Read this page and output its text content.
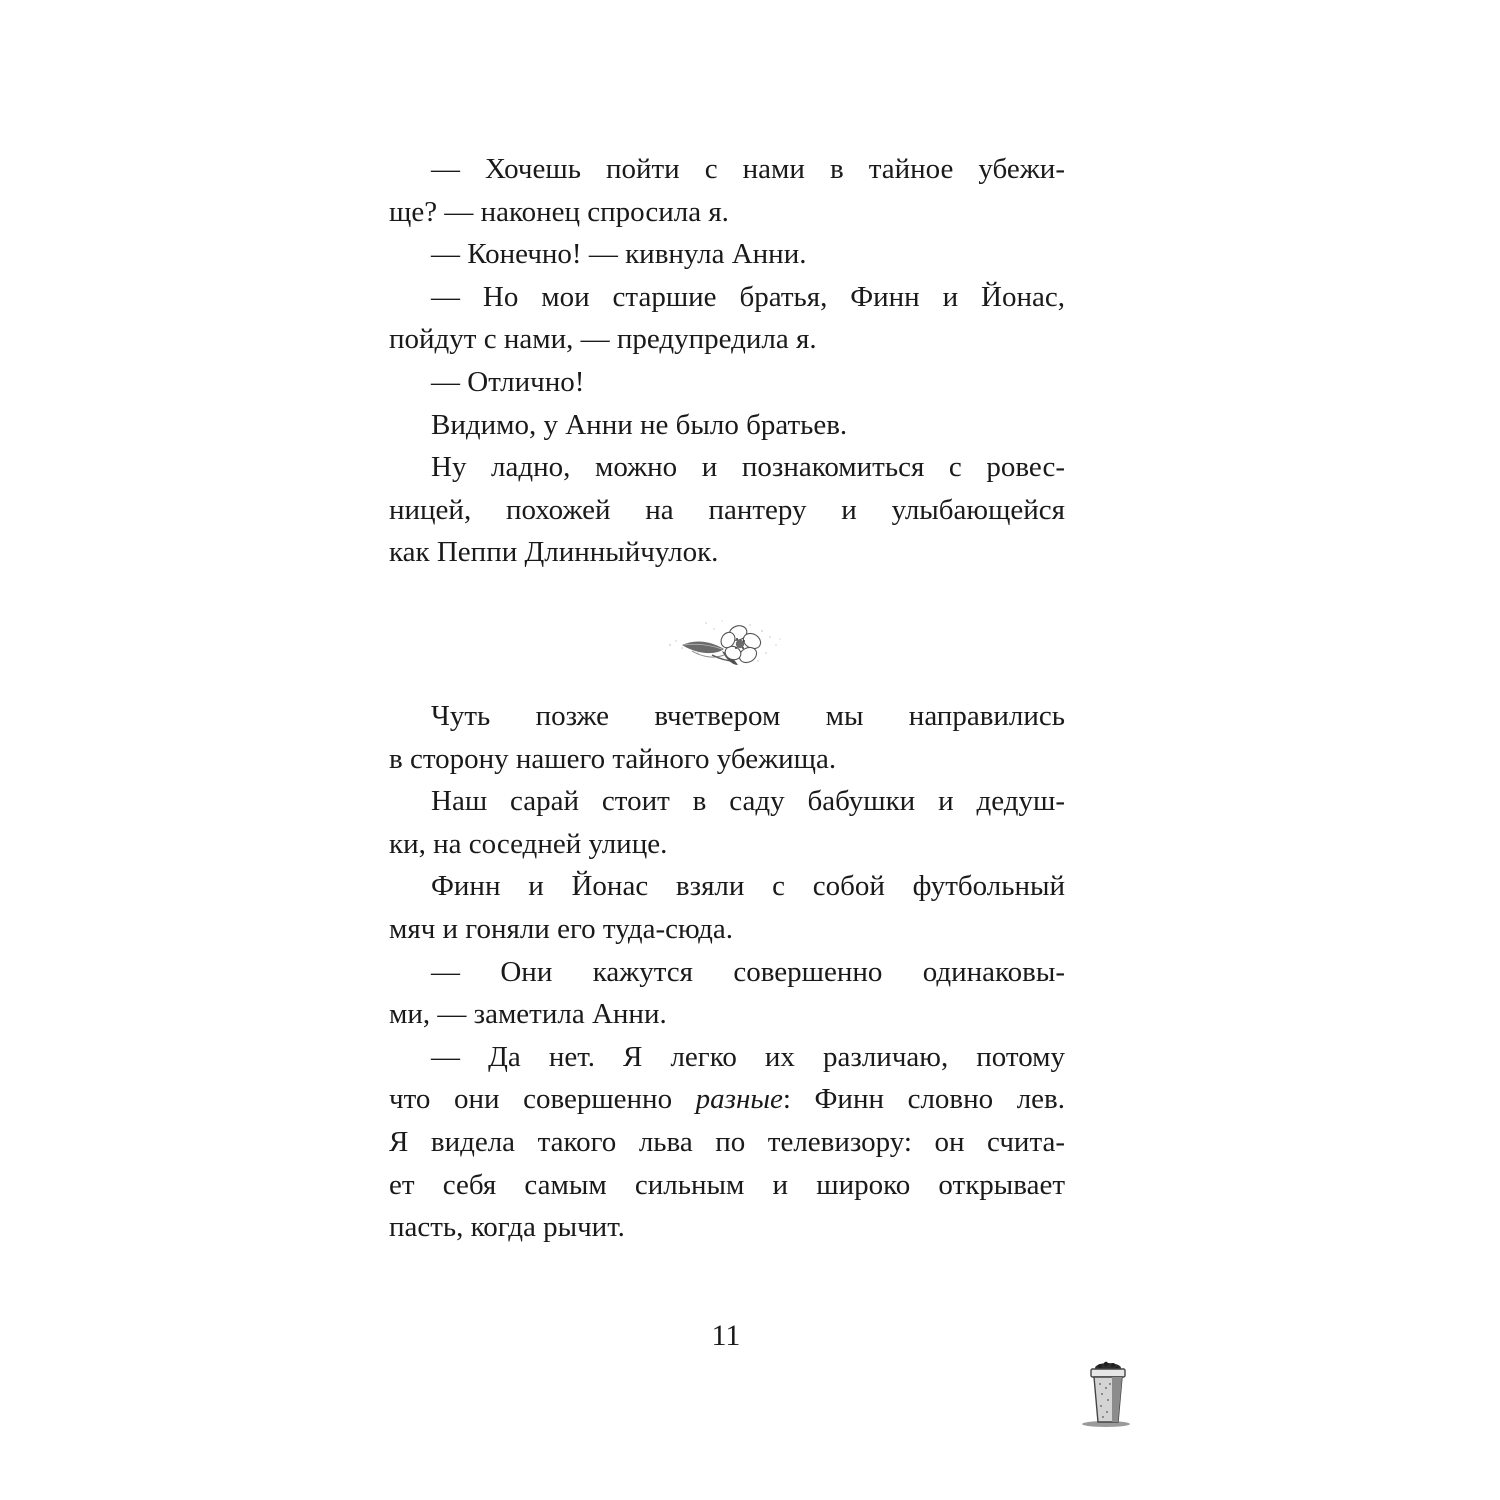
— Хочешь пойти с нами в тайное убежи-
ще? — наконец спросила я.
— Конечно! — кивнула Анни.
— Но мои старшие братья, Финн и Йонас,
пойдут с нами, — предупредила я.
— Отлично!
Видимо, у Анни не было братьев.
Ну ладно, можно и познакомиться с ровес-
ницей, похожей на пантеру и улыбающейся
как Пеппи Длинныйчулок.
Чуть позже вчетвером мы направились
в сторону нашего тайного убежища.
Наш сарай стоит в саду бабушки и дедуш-
ки, на соседней улице.
Финн и Йонас взяли с собой футбольный
мяч и гоняли его туда-сюда.
— Они кажутся совершенно одинаковы-
ми, — заметила Анни.
— Да нет. Я легко их различаю, потому
что они совершенно разные: Финн словно лев.
Я видела такого льва по телевизору: он счита-
ет себя самым сильным и широко открывает
пасть, когда рычит.
11
